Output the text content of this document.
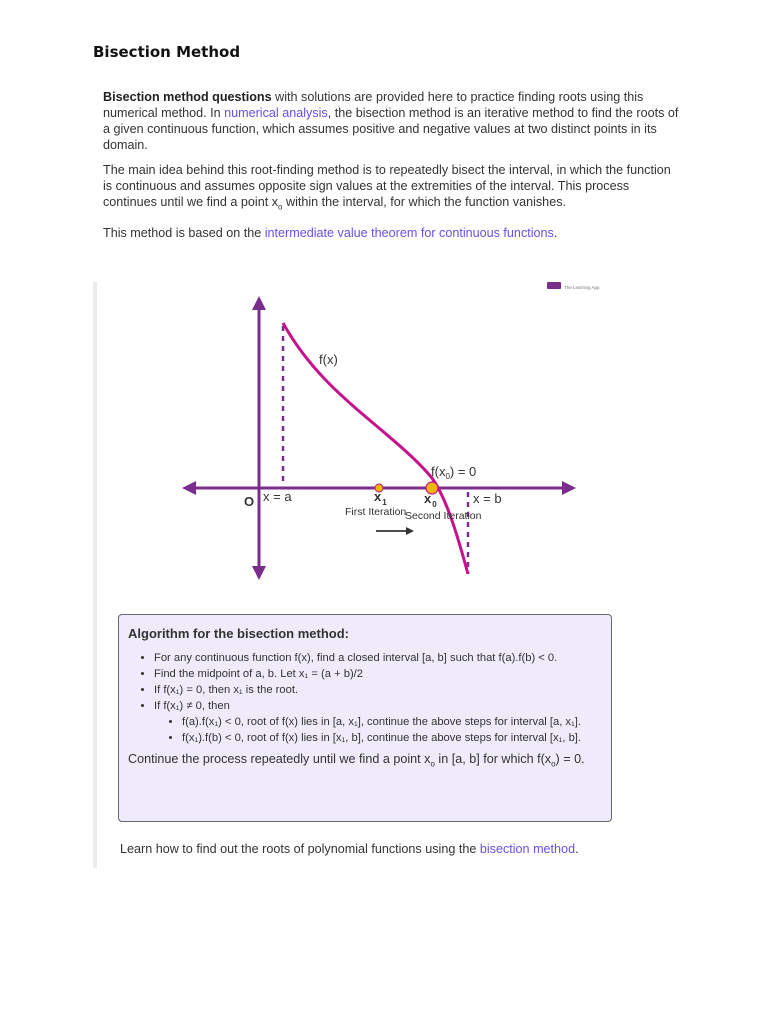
Bisection Method

Bisection method questions with solutions are provided here to practice finding roots using this numerical method. In numerical analysis, the bisection method is an iterative method to find the roots of a given continuous function, which assumes positive and negative values at two distinct points in its domain.

The main idea behind this root-finding method is to repeatedly bisect the interval, in which the function is continuous and assumes opposite sign values at the extremities of the interval. This process continues until we find a point $x_o$ within the interval, for which the function vanishes.

This method is based on the intermediate value theorem for continuous functions.

The Learning App
f(x)
$f(x_0) = 0$
O x = a	x = b
$x_1$	$x_0$
First Iteration
Second Iteration
Algorithm for the bisection method:
• For any continuous function f(x), find a closed interval [a, b] such that f(a).f(b) < 0.
• Find the midpoint of a, b. Let x₁ = (a + b)/2
• If f(x₁) = 0, then x₁ is the root.
• If f(x₁) ≠ 0, then
• f(a).f(x₁) < 0, root of f(x) lies in [a, x₁], continue the above steps for interval [a, x₁].
• f(x₁).f(b) < 0, root of f(x) lies in [x₁, b], continue the above steps for interval [x₁, b].
Continue the process repeatedly until we find a point $x_o$ in [a, b] for which $f(x_o) = 0$.
Learn how to find out the roots of polynomial functions using the bisection method.
